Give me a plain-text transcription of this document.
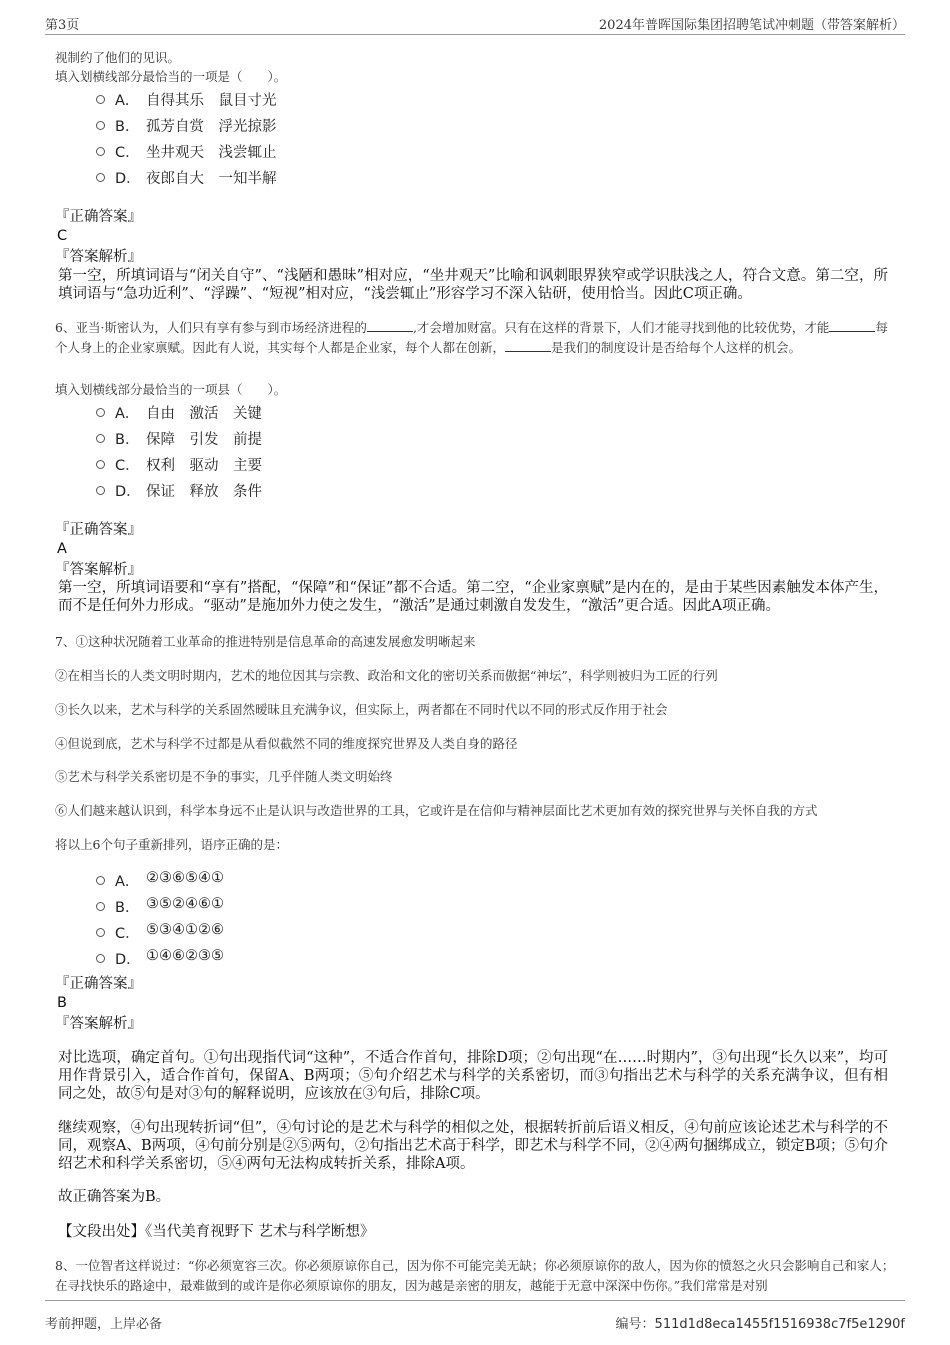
第3页	2024年普晖国际集团招聘笔试冲刺题（带答案解析）
视制约了他们的见识。
填入划横线部分最恰当的一项是（　　）。
A． 自得其乐　鼠目寸光
B． 孤芳自赏　浮光掠影
C． 坐井观天　浅尝辄止
D． 夜郎自大　一知半解
『正确答案』
C
『答案解析』
第一空，所填词语与“闭关自守”、“浅陋和愚昧”相对应，“坐井观天”比喻和讽刺眼界狭窄或学识肤浅之人，符合文意。第二空，所填词语与“急功近利”、“浮躁”、“短视”相对应，“浅尝辄止”形容学习不深入钻研，使用恰当。因此C项正确。
6、亚当·斯密认为，人们只有享有参与到市场经济进程的	,才会增加财富。只有在这样的背景下，人们才能寻找到他的比较优势，才能	每个人身上的企业家禀赋。因此有人说，其实每个人都是企业家，每个人都在创新，	是我们的制度设计是否给每个人这样的机会。
填入划横线部分最恰当的一项县（　　）。
A． 自由　激活　关键
B． 保障　引发　前提
C． 权利　驱动　主要
D． 保证　释放　条件
『正确答案』
A
『答案解析』
第一空，所填词语要和“享有”搭配，“保障”和“保证”都不合适。第二空，“企业家禀赋”是内在的，是由于某些因素触发本体产生，而不是任何外力形成。“驱动”是施加外力使之发生，“激活”是通过刺激自发发生，“激活”更合适。因此A项正确。
7、①这种状况随着工业革命的推进特别是信息革命的高速发展愈发明晰起来
②在相当长的人类文明时期内，艺术的地位因其与宗教、政治和文化的密切关系而傲据“神坛”，科学则被归为工匠的行列
③长久以来，艺术与科学的关系固然暧昧且充满争议，但实际上，两者都在不同时代以不同的形式反作用于社会
④但说到底，艺术与科学不过都是从看似截然不同的维度探究世界及人类自身的路径
⑤艺术与科学关系密切是不争的事实，几乎伴随人类文明始终
⑥人们越来越认识到，科学本身远不止是认识与改造世界的工具，它或许是在信仰与精神层面比艺术更加有效的探究世界与关怀自我的方式
将以上6个句子重新排列，语序正确的是：
A． ②③⑥⑤④①
B． ③⑤②④⑥①
C． ⑤③④①②⑥
D． ①④⑥②③⑤
『正确答案』
B
『答案解析』
对比选项，确定首句。①句出现指代词“这种”，不适合作首句，排除D项；②句出现“在……时期内”，③句出现“长久以来”，均可用作背景引入，适合作首句，保留A、B两项；⑤句介绍艺术与科学的关系密切，而③句指出艺术与科学的关系充满争议，但有相同之处，故⑤句是对③句的解释说明，应该放在③句后，排除C项。
继续观察，④句出现转折词“但”，④句讨论的是艺术与科学的相似之处，根据转折前后语义相反，④句前应该论述艺术与科学的不同，观察A、B两项，④句前分别是②⑤两句，②句指出艺术高于科学，即艺术与科学不同，②④两句捆绑成立，锁定B项；⑤句介绍艺术和科学关系密切，⑤④两句无法构成转折关系，排除A项。
故正确答案为B。
【文段出处】《当代美育视野下 艺术与科学断想》
8、一位智者这样说过：“你必须宽容三次。你必须原谅你自己，因为你不可能完美无缺；你必须原谅你的敌人，因为你的愤怒之火只会影响自己和家人；在寻找快乐的路途中，最难做到的或许是你必须原谅你的朋友，因为越是亲密的朋友，越能于无意中深深中伤你。”我们常常是对别
考前押题，上岸必备	编号：511d1d8eca1455f1516938c7f5e1290f
